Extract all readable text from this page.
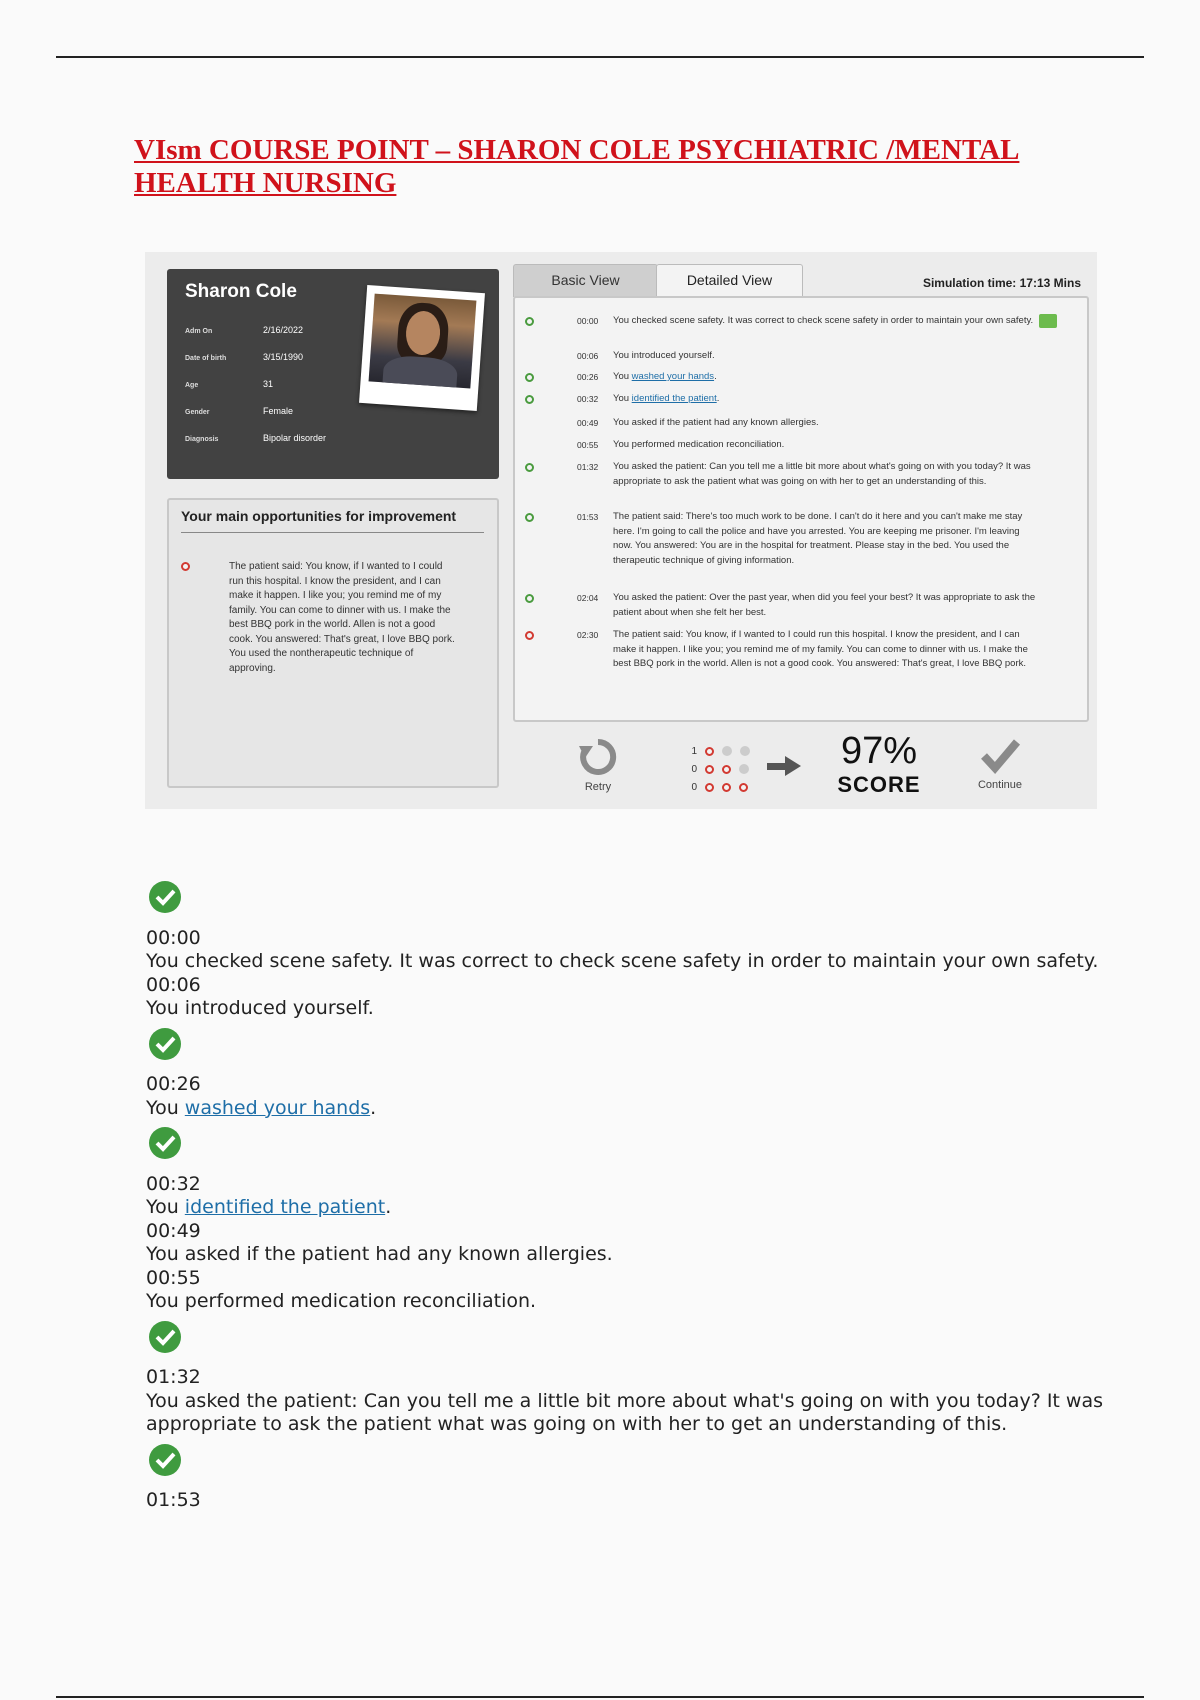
VIsm COURSE POINT – SHARON COLE PSYCHIATRIC /MENTAL HEALTH NURSING
Sharon Cole
Adm On	2/16/2022
Date of birth	3/15/1990
Age	31
Gender	Female
Diagnosis	Bipolar disorder
Your main opportunities for improvement
The patient said: You know, if I wanted to I could run this hospital. I know the president, and I can make it happen. I like you; you remind me of my family. You can come to dinner with us. I make the best BBQ pork in the world. Allen is not a good cook. You answered: That's great, I love BBQ pork. You used the nontherapeutic technique of approving.
Basic View	Detailed View	Simulation time: 17:13 Mins
00:00 You checked scene safety. It was correct to check scene safety in order to maintain your own safety.
00:06 You introduced yourself.
00:26 You washed your hands.
00:32 You identified the patient.
00:49 You asked if the patient had any known allergies.
00:55 You performed medication reconciliation.
01:32 You asked the patient: Can you tell me a little bit more about what's going on with you today? It was appropriate to ask the patient what was going on with her to get an understanding of this.
01:53 The patient said: There's too much work to be done. I can't do it here and you can't make me stay here. I'm going to call the police and have you arrested. You are keeping me prisoner. I'm leaving now. You answered: You are in the hospital for treatment. Please stay in the bed. You used the therapeutic technique of giving information.
02:04 You asked the patient: Over the past year, when did you feel your best? It was appropriate to ask the patient about when she felt her best.
02:30 The patient said: You know, if I wanted to I could run this hospital. I know the president, and I can make it happen. I like you; you remind me of my family. You can come to dinner with us. I make the best BBQ pork in the world. Allen is not a good cook. You answered: That's great, I love BBQ pork.
Retry
1
0
0
97%
SCORE	Continue

00:00

You checked scene safety. It was correct to check scene safety in order to maintain your own safety.

00:06

You introduced yourself.

00:26

You washed your hands.

00:32

You identified the patient.

00:49

You asked if the patient had any known allergies.

00:55

You performed medication reconciliation.

01:32

You asked the patient: Can you tell me a little bit more about what's going on with you today? It was appropriate to ask the patient what was going on with her to get an understanding of this.

01:53
